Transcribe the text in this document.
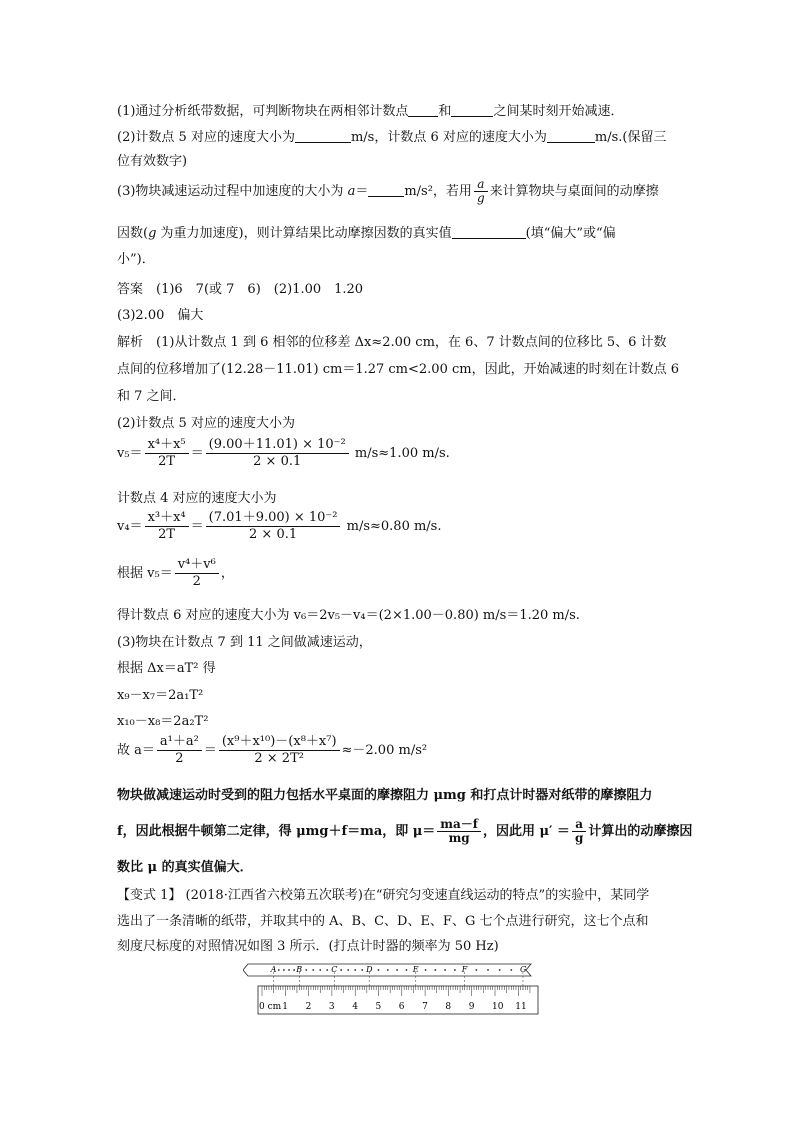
(1)通过分析纸带数据，可判断物块在两相邻计数点 和	之间某时刻开始减速．
(2)计数点 5 对应的速度大小为	m/s，计数点 6 对应的速度大小为	m/s.(保留三
位有效数字)
(3)物块减速运动过程中加速度的大小为 a＝	m/s²，若用 $\frac{a}{g}$ 来计算物块与桌面间的动摩擦
因数(g 为重力加速度)，则计算结果比动摩擦因数的真实值	(填“偏大”或“偏
小”)．
答案　(1)6　7(或 7　6)　(2)1.00　1.20
(3)2.00　偏大
解析　(1)从计数点 1 到 6 相邻的位移差 Δx≈2.00 cm，在 6、7 计数点间的位移比 5、6 计数
点间的位移增加了(12.28－11.01) cm＝1.27 cm<2.00 cm，因此，开始减速的时刻在计数点 6
和 7 之间．
(2)计数点 5 对应的速度大小为
$v_5= \frac{\text{x⁴＋x⁵}}{2T} = \frac{\text{(9.00＋11.01) × 10⁻²}}{2 \times 0.1} m/s\approx 1.00$ m/s.
计数点 4 对应的速度大小为
$v_4= \frac{\text{x³＋x⁴}}{2T} = \frac{\text{(7.01＋9.00) × 10⁻²}}{2 \times 0.1} m/s\approx 0.80$ m/s.
根据 $v_5= \frac{\text{v⁴＋v⁶}}{2}$ ，
得计数点 6 对应的速度大小为 v₆＝2v₅－v₄＝(2×1.00－0.80) m/s＝1.20 m/s.
(3)物块在计数点 7 到 11 之间做减速运动，
根据 Δx＝aT² 得
x₉－x₇＝2a₁T²
x₁₀－x₈＝2a₂T²
故 $a= \frac{\text{a¹＋a²}}{2} = \frac{\text{(x⁹＋x¹⁰)－(x⁸＋x⁷)}}{\text{2 × 2T²}} \approx-2.00$ m/s²
物块做减速运动时受到的阻力包括水平桌面的摩擦阻力 μmg 和打点计时器对纸带的摩擦阻力
f，因此根据牛顿第二定律，得 μmg＋f＝ma，即 $\mu= \frac{ma-f}{mg}$ ，因此用 $\mu' = \frac{a}{g}$ 计算出的动摩擦因
数比 μ 的真实值偏大．
【变式 1】 (2018·江西省六校第五次联考)在“研究匀变速直线运动的特点”的实验中，某同学
选出了一条清晰的纸带，并取其中的 A、B、C、D、E、F、G 七个点进行研究，这七个点和
刻度尺标度的对照情况如图 3 所示．(打点计时器的频率为 50 Hz)
A B	C	D	E	F	G
0 cm 1 2 3 4 5 6 7 8 9 10 11
